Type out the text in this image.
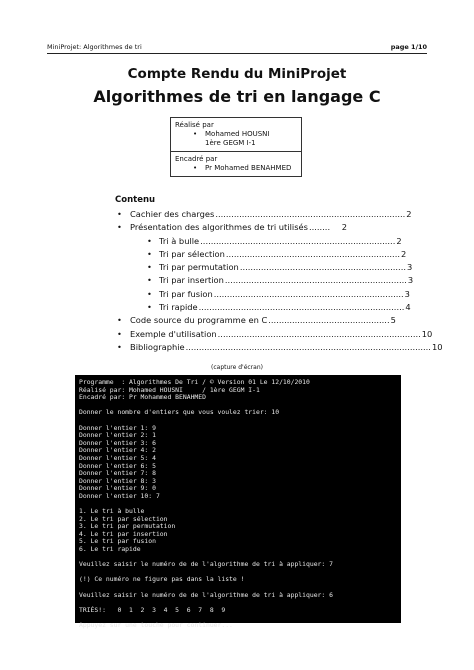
MiniProjet: Algorithmes de tri	page 1/10
Compte Rendu du MiniProjet
Algorithmes de tri en langage C
Réalisé par
• Mohamed HOUSNI
1ère GEGM I-1
Encadré par
• Pr Mohamed BENAHMED
Contenu
• Cachier des charges ........................................................................ 2
• Présentation des algorithmes de tri utilisés ........	2
• Tri à bulle .......................................................................... 2
• Tri par sélection .................................................................. 2
• Tri par permutation ............................................................... 3
• Tri par insertion ..................................................................... 3
• Tri par fusion ........................................................................ 3
• Tri rapide .............................................................................. 4
• Code source du programme en C .............................................. 5
• Exemple d'utilisation ............................................................................. 10
• Bibliographie ............................................................................................. 10
(capture d'écran)
Programme  : Algorithmes De Tri / © Version 01 Le 12/10/2010
Réalisé par: Mohamed HOUSNI     / 1ère GEGM I-1
Encadré par: Pr Mohammed BENAHMED
Donner le nombre d'entiers que vous voulez trier: 10
Donner l'entier 1: 9
Donner l'entier 2: 1
Donner l'entier 3: 6
Donner l'entier 4: 2
Donner l'entier 5: 4
Donner l'entier 6: 5
Donner l'entier 7: 8
Donner l'entier 8: 3
Donner l'entier 9: 0
Donner l'entier 10: 7
1. Le tri à bulle
2. Le tri par sélection
3. Le tri par permutation
4. Le tri par insertion
5. Le tri par fusion
6. Le tri rapide
Veuillez saisir le numéro de de l'algorithme de tri à appliquer: 7
(!) Ce numéro ne figure pas dans la liste !
Veuillez saisir le numéro de de l'algorithme de tri à appliquer: 6
TRIÉS!:   0  1  2  3  4  5  6  7  8  9
Appuyez sur une touche pour continuer...
